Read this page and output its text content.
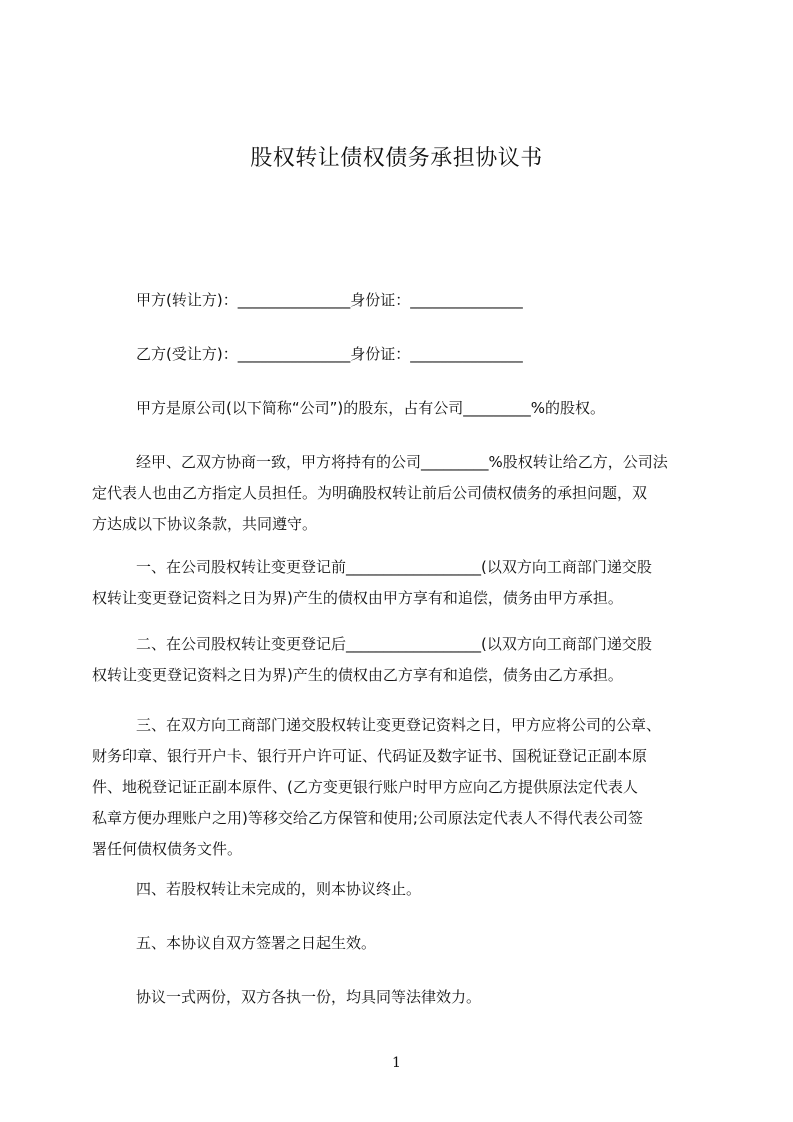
股权转让债权债务承担协议书
甲方(转让方)：_______________身份证：_______________
乙方(受让方)：_______________身份证：_______________
甲方是原公司(以下简称“公司”)的股东，占有公司_________%的股权。
经甲、乙双方协商一致，甲方将持有的公司_________%股权转让给乙方，公司法
定代表人也由乙方指定人员担任。为明确股权转让前后公司债权债务的承担问题，双
方达成以下协议条款，共同遵守。
一、在公司股权转让变更登记前__________________(以双方向工商部门递交股
权转让变更登记资料之日为界)产生的债权由甲方享有和追偿，债务由甲方承担。
二、在公司股权转让变更登记后__________________(以双方向工商部门递交股
权转让变更登记资料之日为界)产生的债权由乙方享有和追偿，债务由乙方承担。
三、在双方向工商部门递交股权转让变更登记资料之日，甲方应将公司的公章、
财务印章、银行开户卡、银行开户许可证、代码证及数字证书、国税证登记正副本原
件、地税登记证正副本原件、(乙方变更银行账户时甲方应向乙方提供原法定代表人
私章方便办理账户之用)等移交给乙方保管和使用;公司原法定代表人不得代表公司签
署任何债权债务文件。
四、若股权转让未完成的，则本协议终止。
五、本协议自双方签署之日起生效。
协议一式两份，双方各执一份，均具同等法律效力。
1
